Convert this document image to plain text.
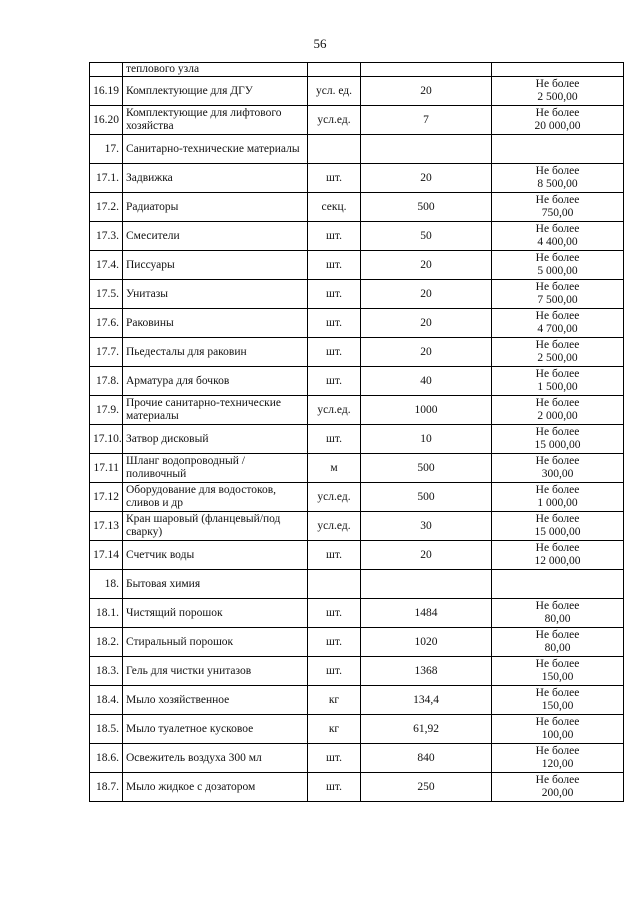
56
	теплового узла			
16.19	Комплектующие для ДГУ	усл. ед.	20	Не более
2 500,00

16.20	Комплектующие для лифтового хозяйства	усл.ед.	7	Не более
20 000,00

17.	Санитарно-технические материалы			

17.1.	Задвижка	шт.	20	Не более
8 500,00

17.2.	Радиаторы	секц.	500	Не более
750,00

17.3.	Смесители	шт.	50	Не более
4 400,00

17.4.	Писсуары	шт.	20	Не более
5 000,00

17.5.	Унитазы	шт.	20	Не более
7 500,00

17.6.	Раковины	шт.	20	Не более
4 700,00

17.7.	Пьедесталы для раковин	шт.	20	Не более
2 500,00

17.8.	Арматура для бочков	шт.	40	Не более
1 500,00

17.9.	Прочие санитарно-технические материалы	усл.ед.	1000	Не более
2 000,00

17.10.	Затвор дисковый	шт.	10	Не более
15 000,00

17.11	Шланг водопроводный /поливочный	м	500	Не более
300,00

17.12	Оборудование для водостоков, сливов и др	усл.ед.	500	Не более
1 000,00

17.13	Кран шаровый (фланцевый/под сварку)	усл.ед.	30	Не более
15 000,00

17.14	Счетчик воды	шт.	20	Не более
12 000,00

18.	Бытовая химия			

18.1.	Чистящий порошок	шт.	1484	Не более
80,00

18.2.	Стиральный порошок	шт.	1020	Не более
80,00

18.3.	Гель для чистки унитазов	шт.	1368	Не более
150,00

18.4.	Мыло хозяйственное	кг	134,4	Не более
150,00

18.5.	Мыло туалетное кусковое	кг	61,92	Не более
100,00

18.6.	Освежитель воздуха 300 мл	шт.	840	Не более
120,00

18.7.	Мыло жидкое с дозатором	шт.	250	Не более
200,00
